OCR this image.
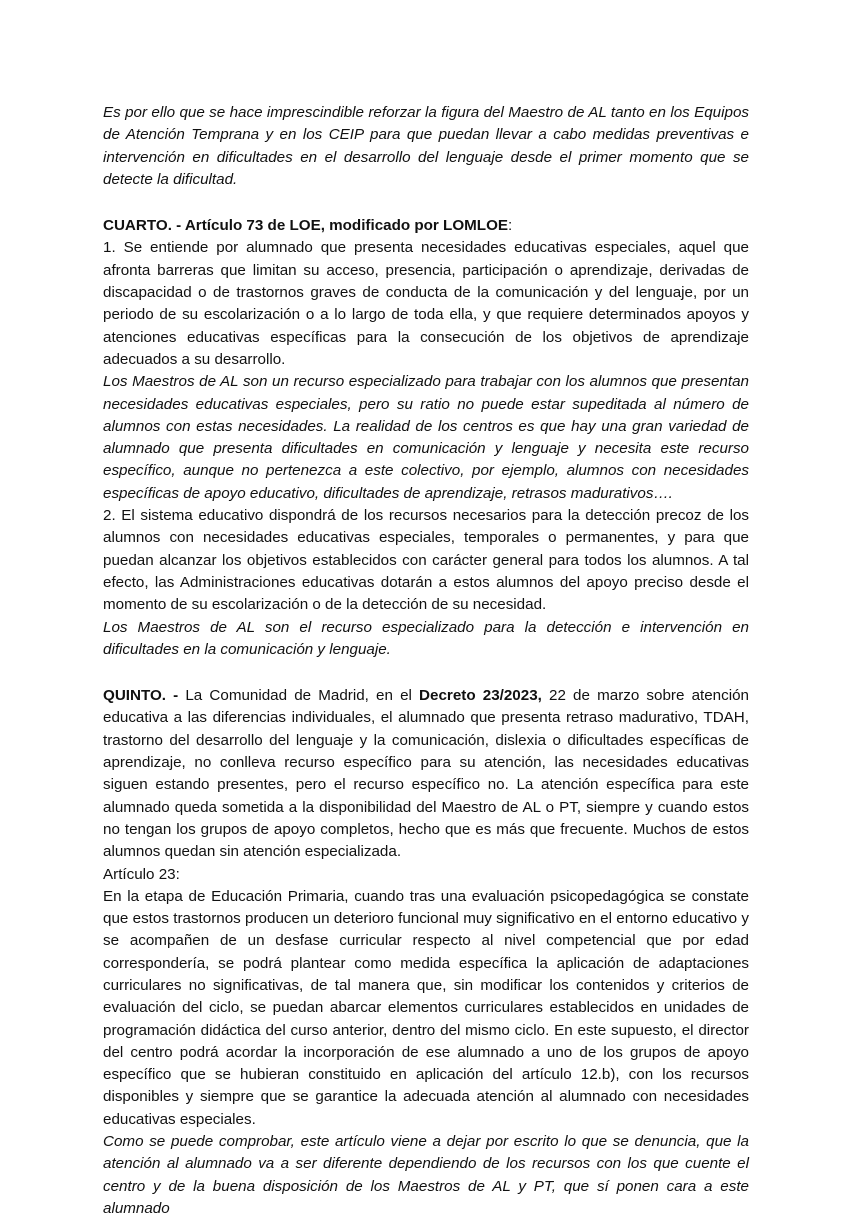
Es por ello que se hace imprescindible reforzar la figura del Maestro de AL tanto en los Equipos de Atención Temprana y en los CEIP para que puedan llevar a cabo medidas preventivas e intervención en dificultades en el desarrollo del lenguaje desde el primer momento que se detecte la dificultad.

CUARTO. - Artículo 73 de LOE, modificado por LOMLOE:

1. Se entiende por alumnado que presenta necesidades educativas especiales, aquel que afronta barreras que limitan su acceso, presencia, participación o aprendizaje, derivadas de discapacidad o de trastornos graves de conducta de la comunicación y del lenguaje, por un periodo de su escolarización o a lo largo de toda ella, y que requiere determinados apoyos y atenciones educativas específicas para la consecución de los objetivos de aprendizaje adecuados a su desarrollo.

Los Maestros de AL son un recurso especializado para trabajar con los alumnos que presentan necesidades educativas especiales, pero su ratio no puede estar supeditada al número de alumnos con estas necesidades. La realidad de los centros es que hay una gran variedad de alumnado que presenta dificultades en comunicación y lenguaje y necesita este recurso específico, aunque no pertenezca a este colectivo, por ejemplo, alumnos con necesidades específicas de apoyo educativo, dificultades de aprendizaje, retrasos madurativos….

2. El sistema educativo dispondrá de los recursos necesarios para la detección precoz de los alumnos con necesidades educativas especiales, temporales o permanentes, y para que puedan alcanzar los objetivos establecidos con carácter general para todos los alumnos. A tal efecto, las Administraciones educativas dotarán a estos alumnos del apoyo preciso desde el momento de su escolarización o de la detección de su necesidad.

Los Maestros de AL son el recurso especializado para la detección e intervención en dificultades en la comunicación y lenguaje.

QUINTO. - La Comunidad de Madrid, en el Decreto 23/2023, 22 de marzo sobre atención educativa a las diferencias individuales, el alumnado que presenta retraso madurativo, TDAH, trastorno del desarrollo del lenguaje y la comunicación, dislexia o dificultades específicas de aprendizaje, no conlleva recurso específico para su atención, las necesidades educativas siguen estando presentes, pero el recurso específico no. La atención específica para este alumnado queda sometida a la disponibilidad del Maestro de AL o PT, siempre y cuando estos no tengan los grupos de apoyo completos, hecho que es más que frecuente. Muchos de estos alumnos quedan sin atención especializada.

Artículo 23:

En la etapa de Educación Primaria, cuando tras una evaluación psicopedagógica se constate que estos trastornos producen un deterioro funcional muy significativo en el entorno educativo y se acompañen de un desfase curricular respecto al nivel competencial que por edad correspondería, se podrá plantear como medida específica la aplicación de adaptaciones curriculares no significativas, de tal manera que, sin modificar los contenidos y criterios de evaluación del ciclo, se puedan abarcar elementos curriculares establecidos en unidades de programación didáctica del curso anterior, dentro del mismo ciclo. En este supuesto, el director del centro podrá acordar la incorporación de ese alumnado a uno de los grupos de apoyo específico que se hubieran constituido en aplicación del artículo 12.b), con los recursos disponibles y siempre que se garantice la adecuada atención al alumnado con necesidades educativas especiales.

Como se puede comprobar, este artículo viene a dejar por escrito lo que se denuncia, que la atención al alumnado va a ser diferente dependiendo de los recursos con los que cuente el centro y de la buena disposición de los Maestros de AL y PT, que sí ponen cara a este alumnado
